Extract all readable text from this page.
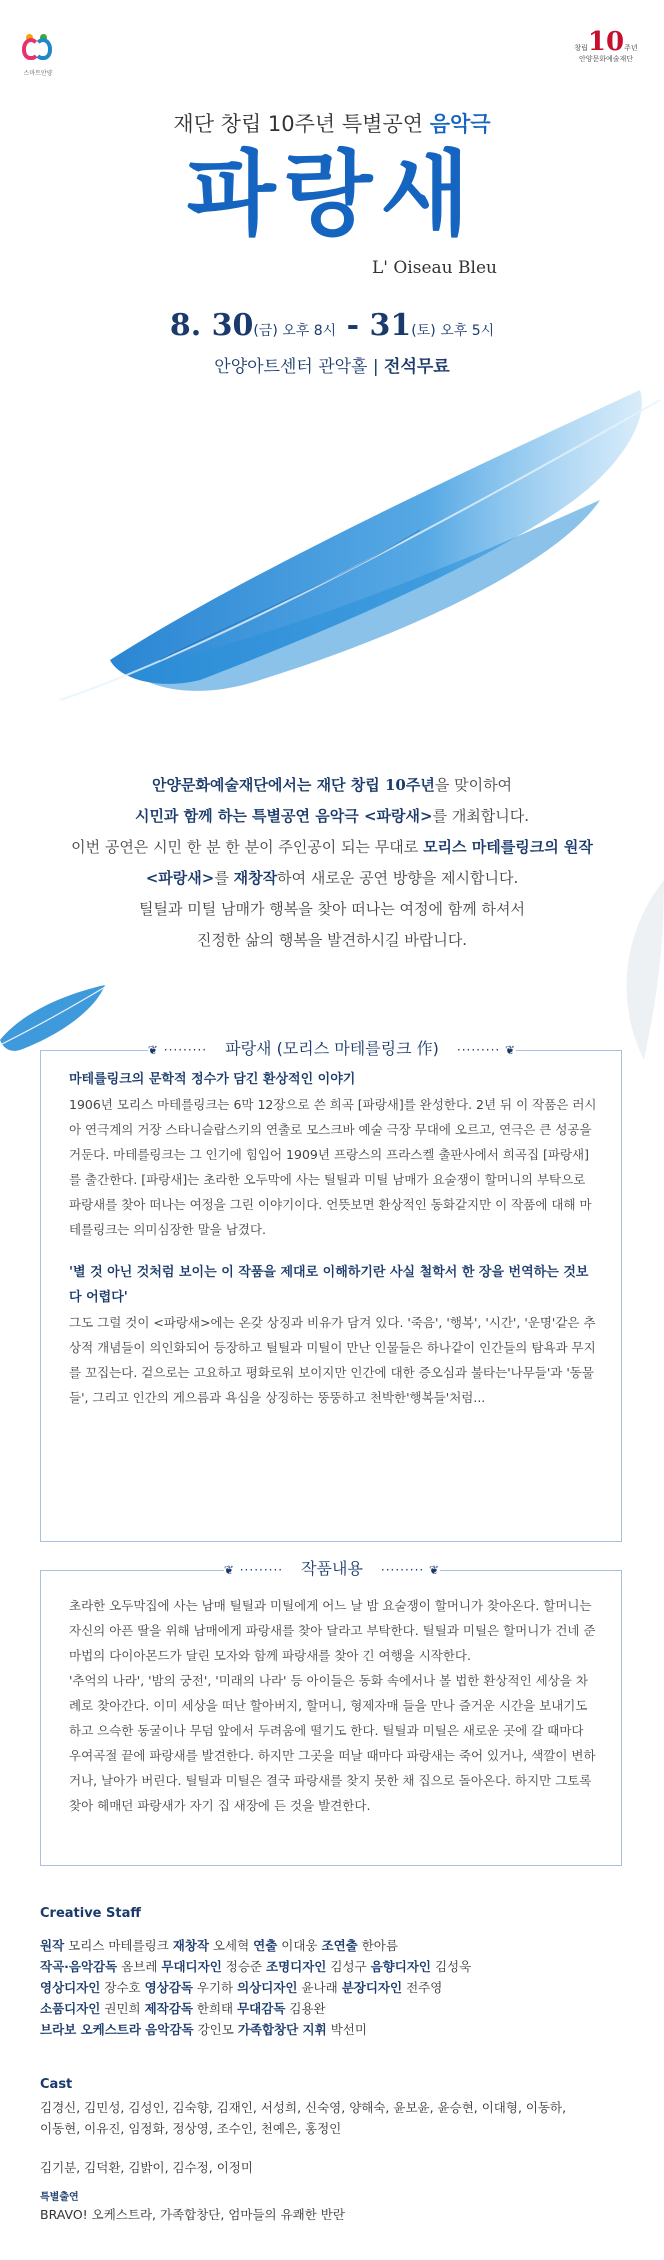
스마트안양
창립10주년
안양문화예술재단
재단 창립 10주년 특별공연 음악극
파랑새
L' Oiseau Bleu
8. 30(금) 오후 8시 - 31(토) 오후 5시
안양아트센터 관악홀 | 전석무료
안양문화예술재단에서는 재단 창립 10주년을 맞이하여
시민과 함께 하는 특별공연 음악극 <파랑새>를 개최합니다.
이번 공연은 시민 한 분 한 분이 주인공이 되는 무대로 모리스 마테를링크의 원작
<파랑새>를 재창작하여 새로운 공연 방향을 제시합니다.
틸틸과 미틸 남매가 행복을 찾아 떠나는 여정에 함께 하셔서
진정한 삶의 행복을 발견하시길 바랍니다.
마테를링크의 문학적 정수가 담긴 환상적인 이야기

1906년 모리스 마테를링크는 6막 12장으로 쓴 희곡 [파랑새]를 완성한다. 2년 뒤 이 작품은 러시아 연극계의 거장 스타니슬랍스키의 연출로 모스크바 예술 극장 무대에 오르고, 연극은 큰 성공을 거둔다. 마테를링크는 그 인기에 힘입어 1909년 프랑스의 프라스켈 출판사에서 희곡집 [파랑새]를 출간한다. [파랑새]는 초라한 오두막에 사는 틸틸과 미틸 남매가 요술쟁이 할머니의 부탁으로 파랑새를 찾아 떠나는 여정을 그린 이야기이다. 언뜻보면 환상적인 동화같지만 이 작품에 대해 마테를링크는 의미심장한 말을 남겼다.

'별 것 아닌 것처럼 보이는 이 작품을 제대로 이해하기란 사실 철학서 한 장을 번역하는 것보다 어렵다'

그도 그럴 것이 <파랑새>에는 온갖 상징과 비유가 담겨 있다. '죽음', '행복', '시간', '운명'같은 추상적 개념들이 의인화되어 등장하고 틸틸과 미틸이 만난 인물들은 하나같이 인간들의 탐욕과 무지를 꼬집는다. 겉으로는 고요하고 평화로워 보이지만 인간에 대한 증오심과 불타는'나무들'과 '동물들', 그리고 인간의 게으름과 욕심을 상징하는 뚱뚱하고 천박한'행복들'처럼...

❦ ········· 파랑새 (모리스 마테를링크 作) ········· ❦

초라한 오두막집에 사는 남매 틸틸과 미틸에게 어느 날 밤 요술쟁이 할머니가 찾아온다. 할머니는 자신의 아픈 딸을 위해 남매에게 파랑새를 찾아 달라고 부탁한다. 틸틸과 미틸은 할머니가 건네 준 마법의 다이아몬드가 달린 모자와 함께 파랑새를 찾아 긴 여행을 시작한다.

'추억의 나라', '밤의 궁전', '미래의 나라' 등 아이들은 동화 속에서나 볼 법한 환상적인 세상을 차례로 찾아간다. 이미 세상을 떠난 할아버지, 할머니, 형제자매 들을 만나 즐거운 시간을 보내기도 하고 으슥한 동굴이나 무덤 앞에서 두려움에 떨기도 한다. 틸틸과 미틸은 새로운 곳에 갈 때마다 우여곡절 끝에 파랑새를 발견한다. 하지만 그곳을 떠날 때마다 파랑새는 죽어 있거나, 색깔이 변하거나, 날아가 버린다. 틸틸과 미틸은 결국 파랑새를 찾지 못한 채 집으로 돌아온다. 하지만 그토록 찾아 헤매던 파랑새가 자기 집 새장에 든 것을 발견한다.

❦ ········· 작품내용 ········· ❦
Creative Staff
원작 모리스 마테를링크 재창작 오세혁 연출 이대웅 조연출 한아름
작곡·음악감독 옴브레 무대디자인 정승준 조명디자인 김성구 음향디자인 김성욱
영상디자인 장수호 영상감독 우기하 의상디자인 윤나래 분장디자인 전주영
소품디자인 권민희 제작감독 한희태 무대감독 김용완
브라보 오케스트라 음악감독 강인모 가족합창단 지휘 박선미
Cast
김경신, 김민성, 김성인, 김숙향, 김재인, 서성희, 신숙영, 양해숙, 윤보윤, 윤승현, 이대형, 이동하,
이동현, 이유진, 임정화, 정상영, 조수인, 천예은, 홍정인
김기분, 김덕환, 김밝이, 김수정, 이정미
특별출연
BRAVO! 오케스트라, 가족합창단, 엄마들의 유쾌한 반란
